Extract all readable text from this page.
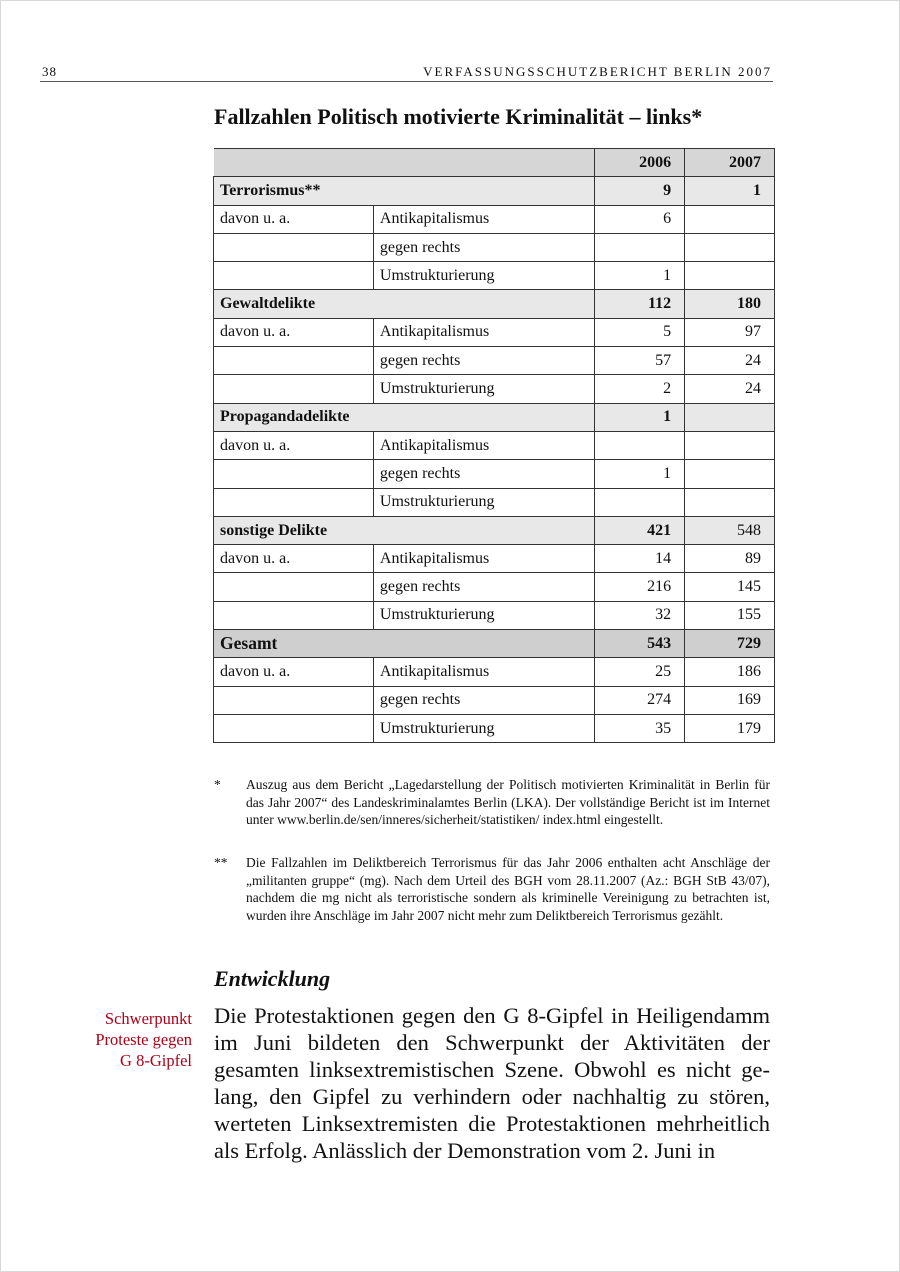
38	VERFASSUNGSSCHUTZBERICHT BERLIN 2007
Fallzahlen Politisch motivierte Kriminalität – links*
		2006	2007
Terrorismus**		9	1
davon u. a.	Antikapitalismus	6	
	gegen rechts		
	Umstrukturierung	1	
Gewaltdelikte		112	180
davon u. a.	Antikapitalismus	5	97
	gegen rechts	57	24
	Umstrukturierung	2	24
Propagandadelikte		1	
davon u. a.	Antikapitalismus		
	gegen rechts	1	
	Umstrukturierung		
sonstige Delikte		421	548
davon u. a.	Antikapitalismus	14	89
	gegen rechts	216	145
	Umstrukturierung	32	155
Gesamt		543	729
davon u. a.	Antikapitalismus	25	186
	gegen rechts	274	169
	Umstrukturierung	35	179
* Auszug aus dem Bericht „Lagedarstellung der Politisch motivierten Kriminalität in Berlin für das Jahr 2007“ des Landeskriminalamtes Berlin (LKA). Der vollständige Bericht ist im Internet unter www.berlin.de/sen/inneres/sicherheit/statistiken/ index.html eingestellt.
** Die Fallzahlen im Deliktbereich Terrorismus für das Jahr 2006 enthalten acht Anschläge der „militanten gruppe“ (mg). Nach dem Urteil des BGH vom 28.11.2007 (Az.: BGH StB 43/07), nachdem die mg nicht als terroristische sondern als kriminelle Vereinigung zu betrachten ist, wurden ihre Anschläge im Jahr 2007 nicht mehr zum Deliktbereich Terrorismus gezählt.
Entwicklung
Schwerpunkt
Proteste gegen
G 8-Gipfel
Die Protestaktionen gegen den G 8-Gipfel in Heiligendamm im Juni bildeten den Schwerpunkt der Aktivitäten der gesamten linksextremistischen Szene. Obwohl es nicht ge-lang, den Gipfel zu verhindern oder nachhaltig zu stören, werteten Linksextremisten die Protestaktionen mehrheitlich als Erfolg. Anlässlich der Demonstration vom 2. Juni in
